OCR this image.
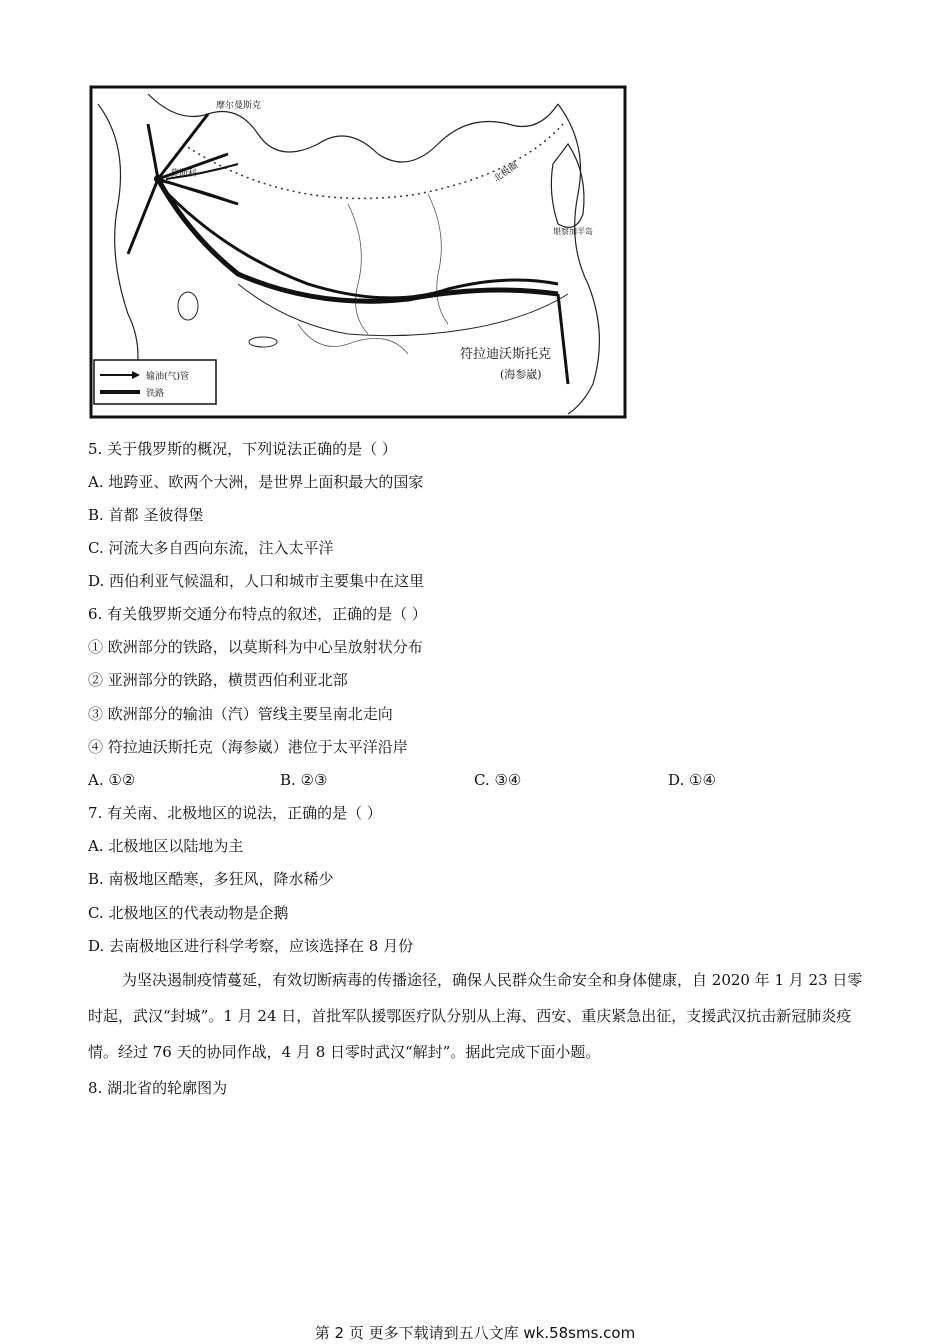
摩尔曼斯克
莫斯科	北极圈
堪察加半岛
符拉迪沃斯托克
(海参崴)
输油(气)管
铁路
5. 关于俄罗斯的概况，下列说法正确的是（ ）
A. 地跨亚、欧两个大洲，是世界上面积最大的国家
B. 首都 圣彼得堡
C. 河流大多自西向东流，注入太平洋
D. 西伯利亚气候温和，人口和城市主要集中在这里
6. 有关俄罗斯交通分布特点的叙述，正确的是（ ）
① 欧洲部分的铁路，以莫斯科为中心呈放射状分布
② 亚洲部分的铁路，横贯西伯利亚北部
③ 欧洲部分的输油（汽）管线主要呈南北走向
④ 符拉迪沃斯托克（海参崴）港位于太平洋沿岸
A. ①②	B. ②③	C. ③④	D. ①④
7. 有关南、北极地区的说法，正确的是（ ）
A. 北极地区以陆地为主
B. 南极地区酷寒，多狂风，降水稀少
C. 北极地区的代表动物是企鹅
D. 去南极地区进行科学考察，应该选择在 8 月份
为坚决遏制疫情蔓延，有效切断病毒的传播途径，确保人民群众生命安全和身体健康，自 2020 年 1 月 23 日零时起，武汉“封城”。1 月 24 日，首批军队援鄂医疗队分别从上海、西安、重庆紧急出征，支援武汉抗击新冠肺炎疫情。经过 76 天的协同作战，4 月 8 日零时武汉“解封”。据此完成下面小题。
8. 湖北省的轮廓图为
第 2 页 更多下载请到五八文库 wk.58sms.com
